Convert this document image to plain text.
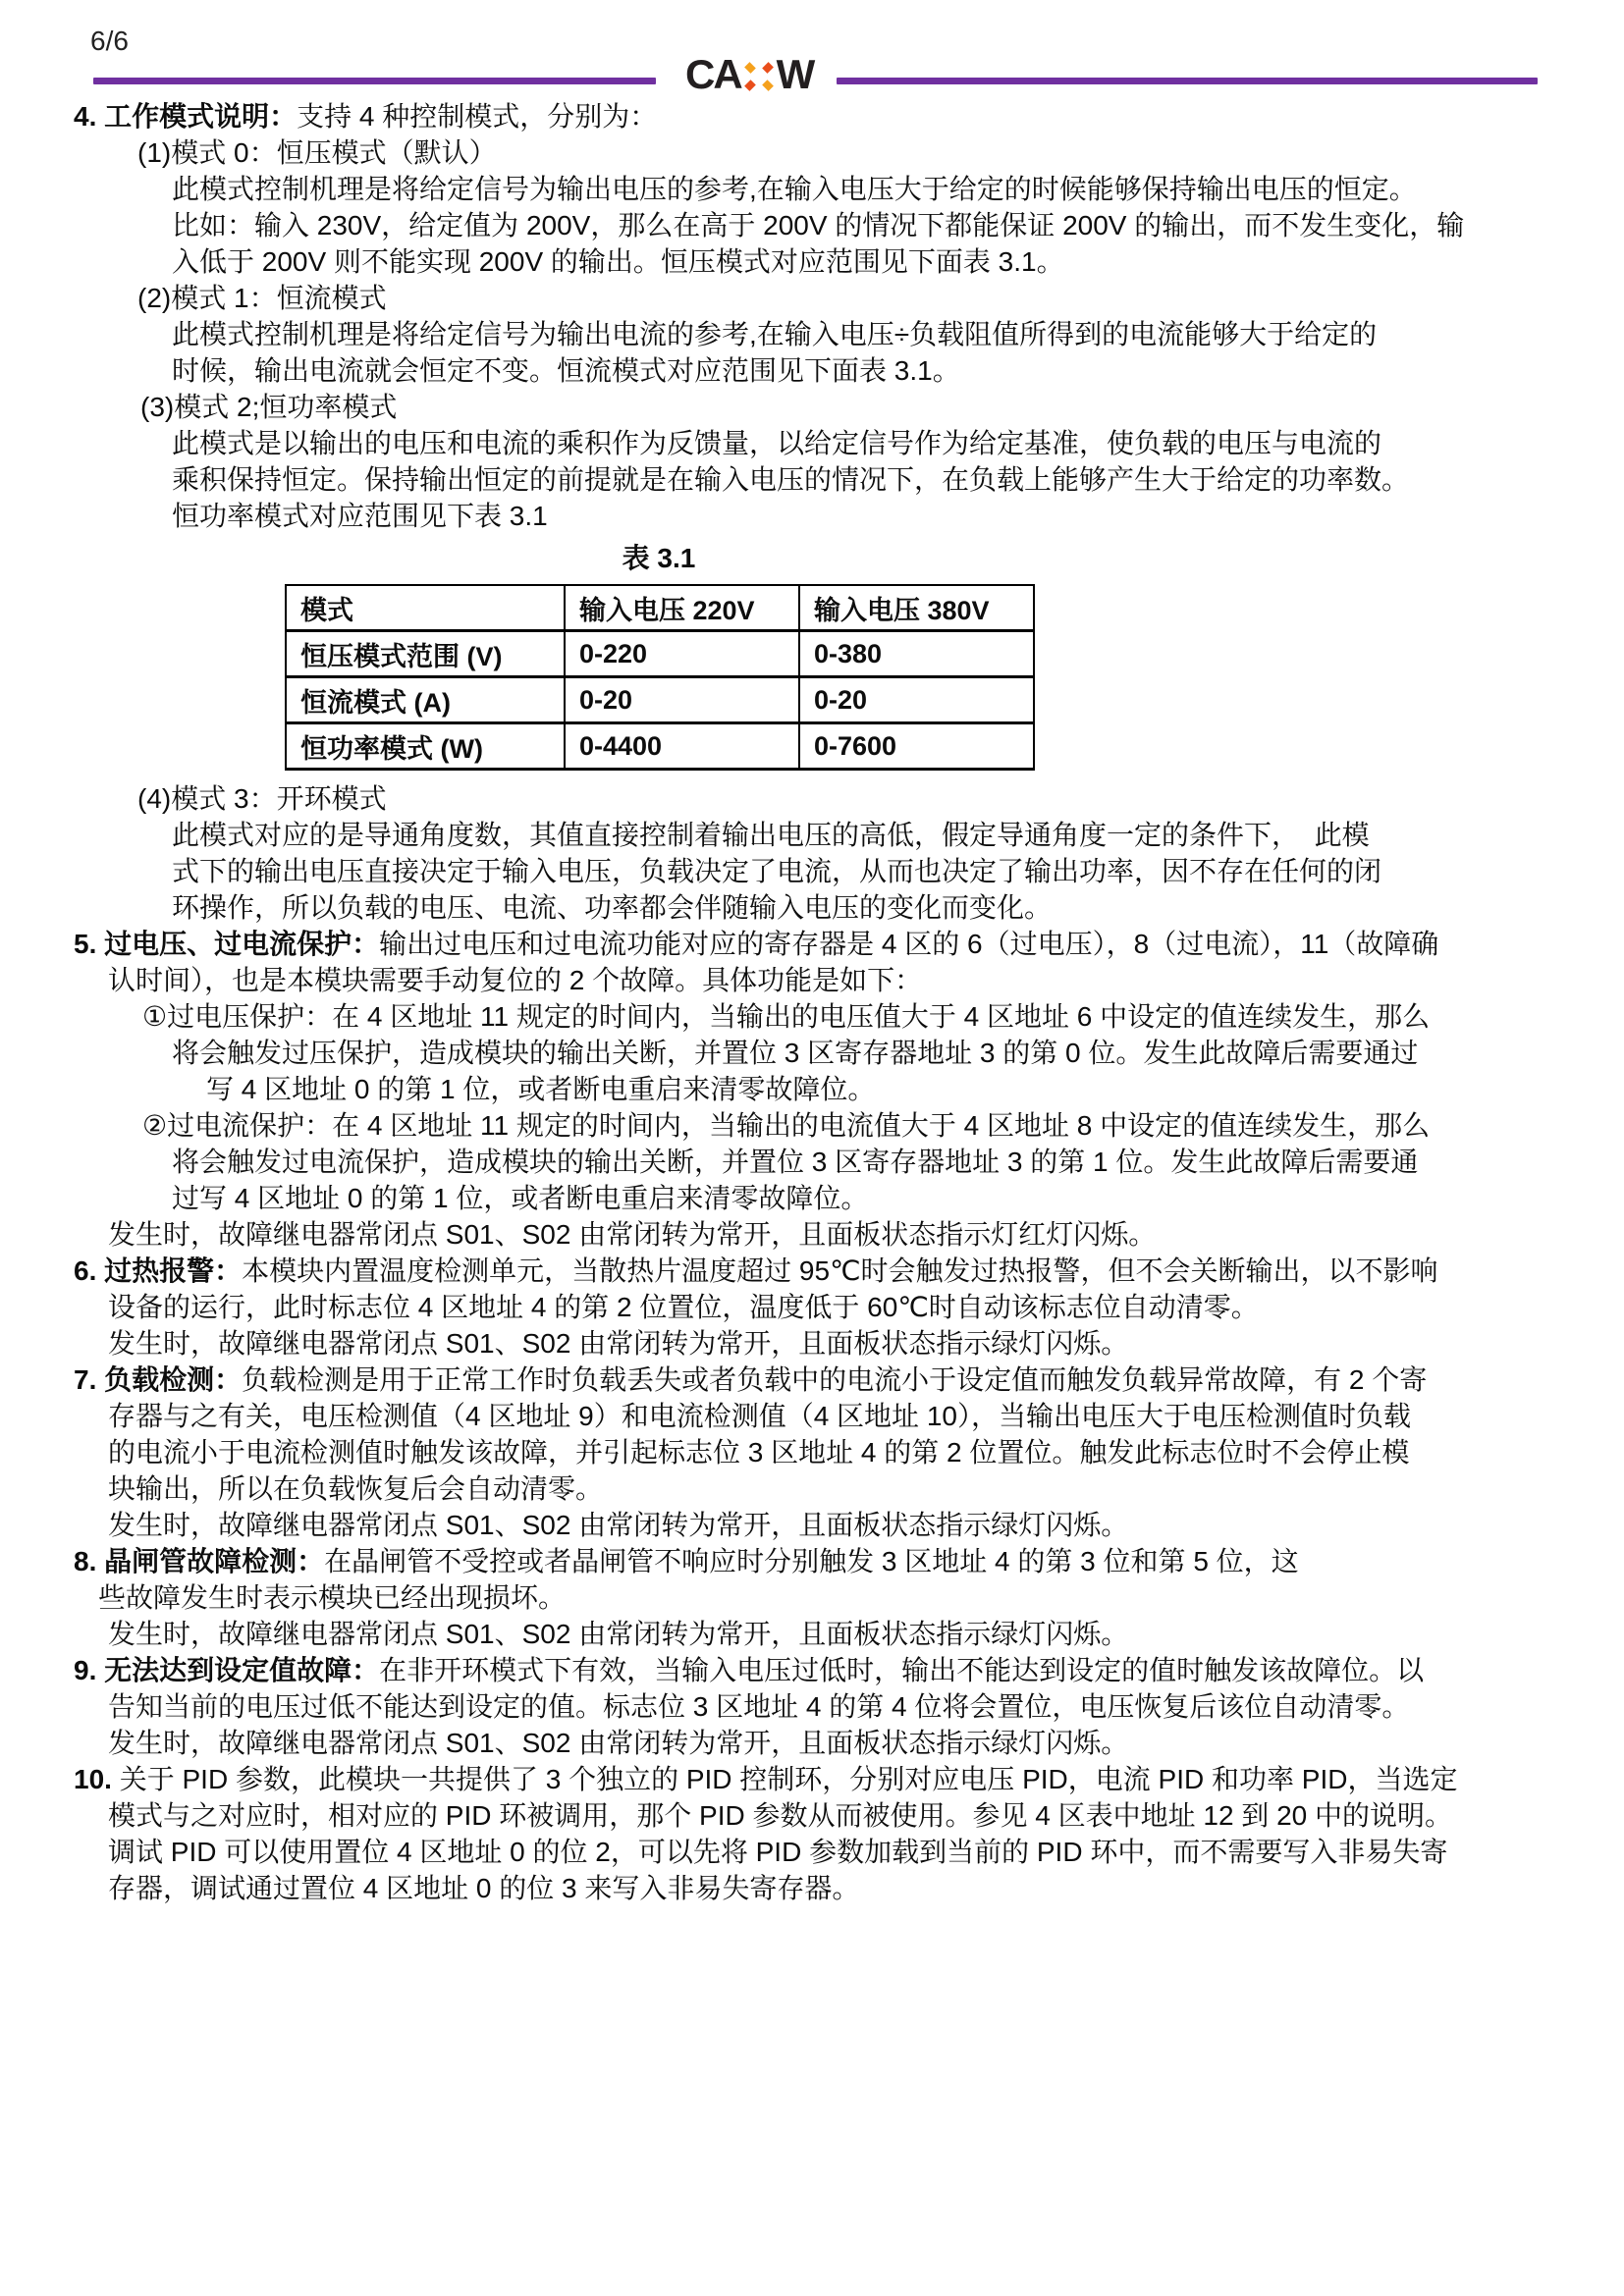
6/6
CA W
4. 工作模式说明：支持 4 种控制模式，分别为：
(1)模式 0：恒压模式（默认）
此模式控制机理是将给定信号为输出电压的参考,在输入电压大于给定的时候能够保持输出电压的恒定。
比如：输入 230V，给定值为 200V，那么在高于 200V 的情况下都能保证 200V 的输出，而不发生变化，输
入低于 200V 则不能实现 200V 的输出。恒压模式对应范围见下面表 3.1。
(2)模式 1：恒流模式
此模式控制机理是将给定信号为输出电流的参考,在输入电压÷负载阻值所得到的电流能够大于给定的
时候，输出电流就会恒定不变。恒流模式对应范围见下面表 3.1。
(3)模式 2;恒功率模式
此模式是以输出的电压和电流的乘积作为反馈量，以给定信号作为给定基准，使负载的电压与电流的
乘积保持恒定。保持输出恒定的前提就是在输入电压的情况下，在负载上能够产生大于给定的功率数。
恒功率模式对应范围见下表 3.1
表 3.1
模式	输入电压 220V	输入电压 380V
恒压模式范围 (V)	0-220	0-380
恒流模式 (A)	0-20	0-20
恒功率模式 (W)	0-4400	0-7600
(4)模式 3：开环模式
此模式对应的是导通角度数，其值直接控制着输出电压的高低，假定导通角度一定的条件下，  此模
式下的输出电压直接决定于输入电压，负载决定了电流，从而也决定了输出功率，因不存在任何的闭
环操作，所以负载的电压、电流、功率都会伴随输入电压的变化而变化。
5. 过电压、过电流保护：输出过电压和过电流功能对应的寄存器是 4 区的 6（过电压），8（过电流），11（故障确
认时间），也是本模块需要手动复位的 2 个故障。具体功能是如下：
①过电压保护：在 4 区地址 11 规定的时间内，当输出的电压值大于 4 区地址 6 中设定的值连续发生，那么
将会触发过压保护，造成模块的输出关断，并置位 3 区寄存器地址 3 的第 0 位。发生此故障后需要通过
写 4 区地址 0 的第 1 位，或者断电重启来清零故障位。
②过电流保护：在 4 区地址 11 规定的时间内，当输出的电流值大于 4 区地址 8 中设定的值连续发生，那么
将会触发过电流保护，造成模块的输出关断，并置位 3 区寄存器地址 3 的第 1 位。发生此故障后需要通
过写 4 区地址 0 的第 1 位，或者断电重启来清零故障位。
发生时，故障继电器常闭点 S01、S02 由常闭转为常开，且面板状态指示灯红灯闪烁。
6. 过热报警：本模块内置温度检测单元，当散热片温度超过 95℃时会触发过热报警，但不会关断输出，以不影响
设备的运行，此时标志位 4 区地址 4 的第 2 位置位，温度低于 60℃时自动该标志位自动清零。
发生时，故障继电器常闭点 S01、S02 由常闭转为常开，且面板状态指示绿灯闪烁。
7. 负载检测：负载检测是用于正常工作时负载丢失或者负载中的电流小于设定值而触发负载异常故障，有 2 个寄
存器与之有关，电压检测值（4 区地址 9）和电流检测值（4 区地址 10），当输出电压大于电压检测值时负载
的电流小于电流检测值时触发该故障，并引起标志位 3 区地址 4 的第 2 位置位。触发此标志位时不会停止模
块输出，所以在负载恢复后会自动清零。
发生时，故障继电器常闭点 S01、S02 由常闭转为常开，且面板状态指示绿灯闪烁。
8. 晶闸管故障检测：在晶闸管不受控或者晶闸管不响应时分别触发 3 区地址 4 的第 3 位和第 5 位，这
些故障发生时表示模块已经出现损坏。
发生时，故障继电器常闭点 S01、S02 由常闭转为常开，且面板状态指示绿灯闪烁。
9. 无法达到设定值故障：在非开环模式下有效，当输入电压过低时，输出不能达到设定的值时触发该故障位。以
告知当前的电压过低不能达到设定的值。标志位 3 区地址 4 的第 4 位将会置位，电压恢复后该位自动清零。
发生时，故障继电器常闭点 S01、S02 由常闭转为常开，且面板状态指示绿灯闪烁。
10. 关于 PID 参数，此模块一共提供了 3 个独立的 PID 控制环，分别对应电压 PID，电流 PID 和功率 PID，当选定
模式与之对应时，相对应的 PID 环被调用，那个 PID 参数从而被使用。参见 4 区表中地址 12 到 20 中的说明。
调试 PID 可以使用置位 4 区地址 0 的位 2，可以先将 PID 参数加载到当前的 PID 环中，而不需要写入非易失寄
存器，调试通过置位 4 区地址 0 的位 3 来写入非易失寄存器。
